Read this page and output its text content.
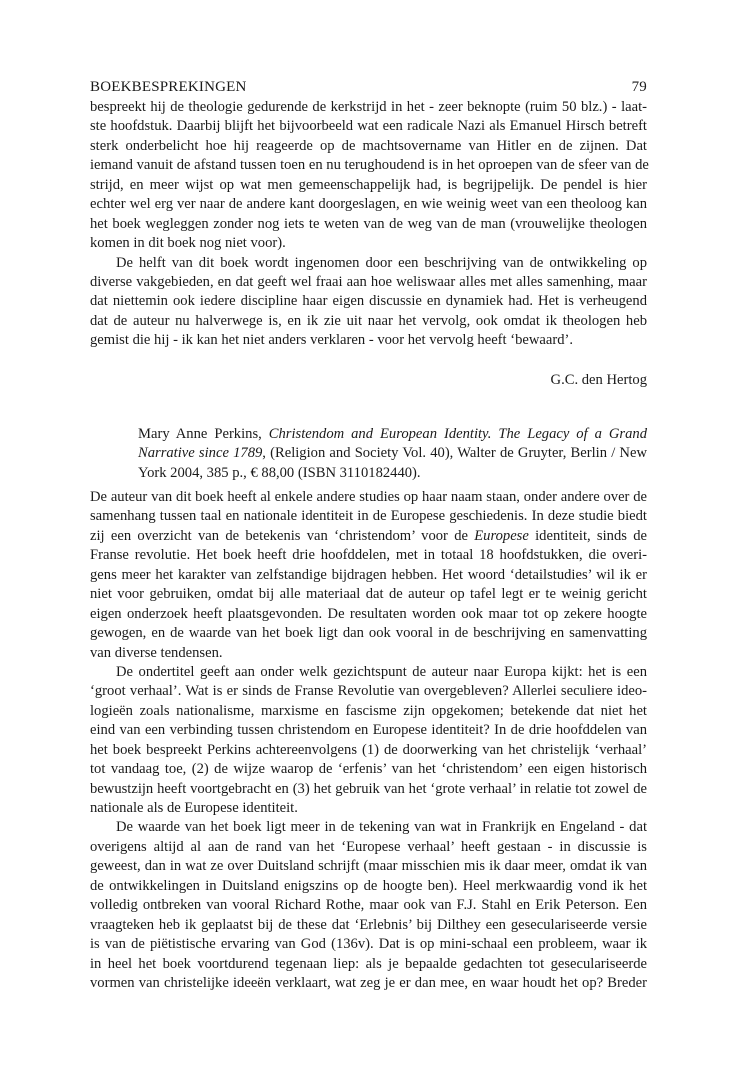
BOEKBESPREKINGEN	79
bespreekt hij de theologie gedurende de kerkstrijd in het - zeer beknopte (ruim 50 blz.) - laat-
ste hoofdstuk. Daarbij blijft het bijvoorbeeld wat een radicale Nazi als Emanuel Hirsch betreft
sterk onderbelicht hoe hij reageerde op de machtsovername van Hitler en de zijnen. Dat
iemand vanuit de afstand tussen toen en nu terughoudend is in het oproepen van de sfeer van de
strijd, en meer wijst op wat men gemeenschappelijk had, is begrijpelijk. De pendel is hier
echter wel erg ver naar de andere kant doorgeslagen, en wie weinig weet van een theoloog kan
het boek wegleggen zonder nog iets te weten van de weg van de man (vrouwelijke theologen
komen in dit boek nog niet voor).
De helft van dit boek wordt ingenomen door een beschrijving van de ontwikkeling op
diverse vakgebieden, en dat geeft wel fraai aan hoe weliswaar alles met alles samenhing, maar
dat niettemin ook iedere discipline haar eigen discussie en dynamiek had. Het is verheugend
dat de auteur nu halverwege is, en ik zie uit naar het vervolg, ook omdat ik theologen heb
gemist die hij - ik kan het niet anders verklaren - voor het vervolg heeft ‘bewaard’.
G.C. den Hertog
Mary Anne Perkins, Christendom and European Identity. The Legacy of a Grand
Narrative since 1789, (Religion and Society Vol. 40), Walter de Gruyter, Berlin / New
York 2004, 385 p., € 88,00 (ISBN 3110182440).
De auteur van dit boek heeft al enkele andere studies op haar naam staan, onder andere over de
samenhang tussen taal en nationale identiteit in de Europese geschiedenis. In deze studie biedt
zij een overzicht van de betekenis van ‘christendom’ voor de Europese identiteit, sinds de
Franse revolutie. Het boek heeft drie hoofddelen, met in totaal 18 hoofdstukken, die overi-
gens meer het karakter van zelfstandige bijdragen hebben. Het woord ‘detailstudies’ wil ik er
niet voor gebruiken, omdat bij alle materiaal dat de auteur op tafel legt er te weinig gericht
eigen onderzoek heeft plaatsgevonden. De resultaten worden ook maar tot op zekere hoogte
gewogen, en de waarde van het boek ligt dan ook vooral in de beschrijving en samenvatting
van diverse tendensen.
De ondertitel geeft aan onder welk gezichtspunt de auteur naar Europa kijkt: het is een
‘groot verhaal’. Wat is er sinds de Franse Revolutie van overgebleven? Allerlei seculiere ideo-
logieën zoals nationalisme, marxisme en fascisme zijn opgekomen; betekende dat niet het
eind van een verbinding tussen christendom en Europese identiteit? In de drie hoofddelen van
het boek bespreekt Perkins achtereenvolgens (1) de doorwerking van het christelijk ‘verhaal’
tot vandaag toe, (2) de wijze waarop de ‘erfenis’ van het ‘christendom’ een eigen historisch
bewustzijn heeft voortgebracht en (3) het gebruik van het ‘grote verhaal’ in relatie tot zowel de
nationale als de Europese identiteit.
De waarde van het boek ligt meer in de tekening van wat in Frankrijk en Engeland - dat
overigens altijd al aan de rand van het ‘Europese verhaal’ heeft gestaan - in discussie is
geweest, dan in wat ze over Duitsland schrijft (maar misschien mis ik daar meer, omdat ik van
de ontwikkelingen in Duitsland enigszins op de hoogte ben). Heel merkwaardig vond ik het
volledig ontbreken van vooral Richard Rothe, maar ook van F.J. Stahl en Erik Peterson. Een
vraagteken heb ik geplaatst bij de these dat ‘Erlebnis’ bij Dilthey een geseculariseerde versie
is van de piëtistische ervaring van God (136v). Dat is op mini-schaal een probleem, waar ik
in heel het boek voortdurend tegenaan liep: als je bepaalde gedachten tot geseculariseerde
vormen van christelijke ideeën verklaart, wat zeg je er dan mee, en waar houdt het op? Breder
